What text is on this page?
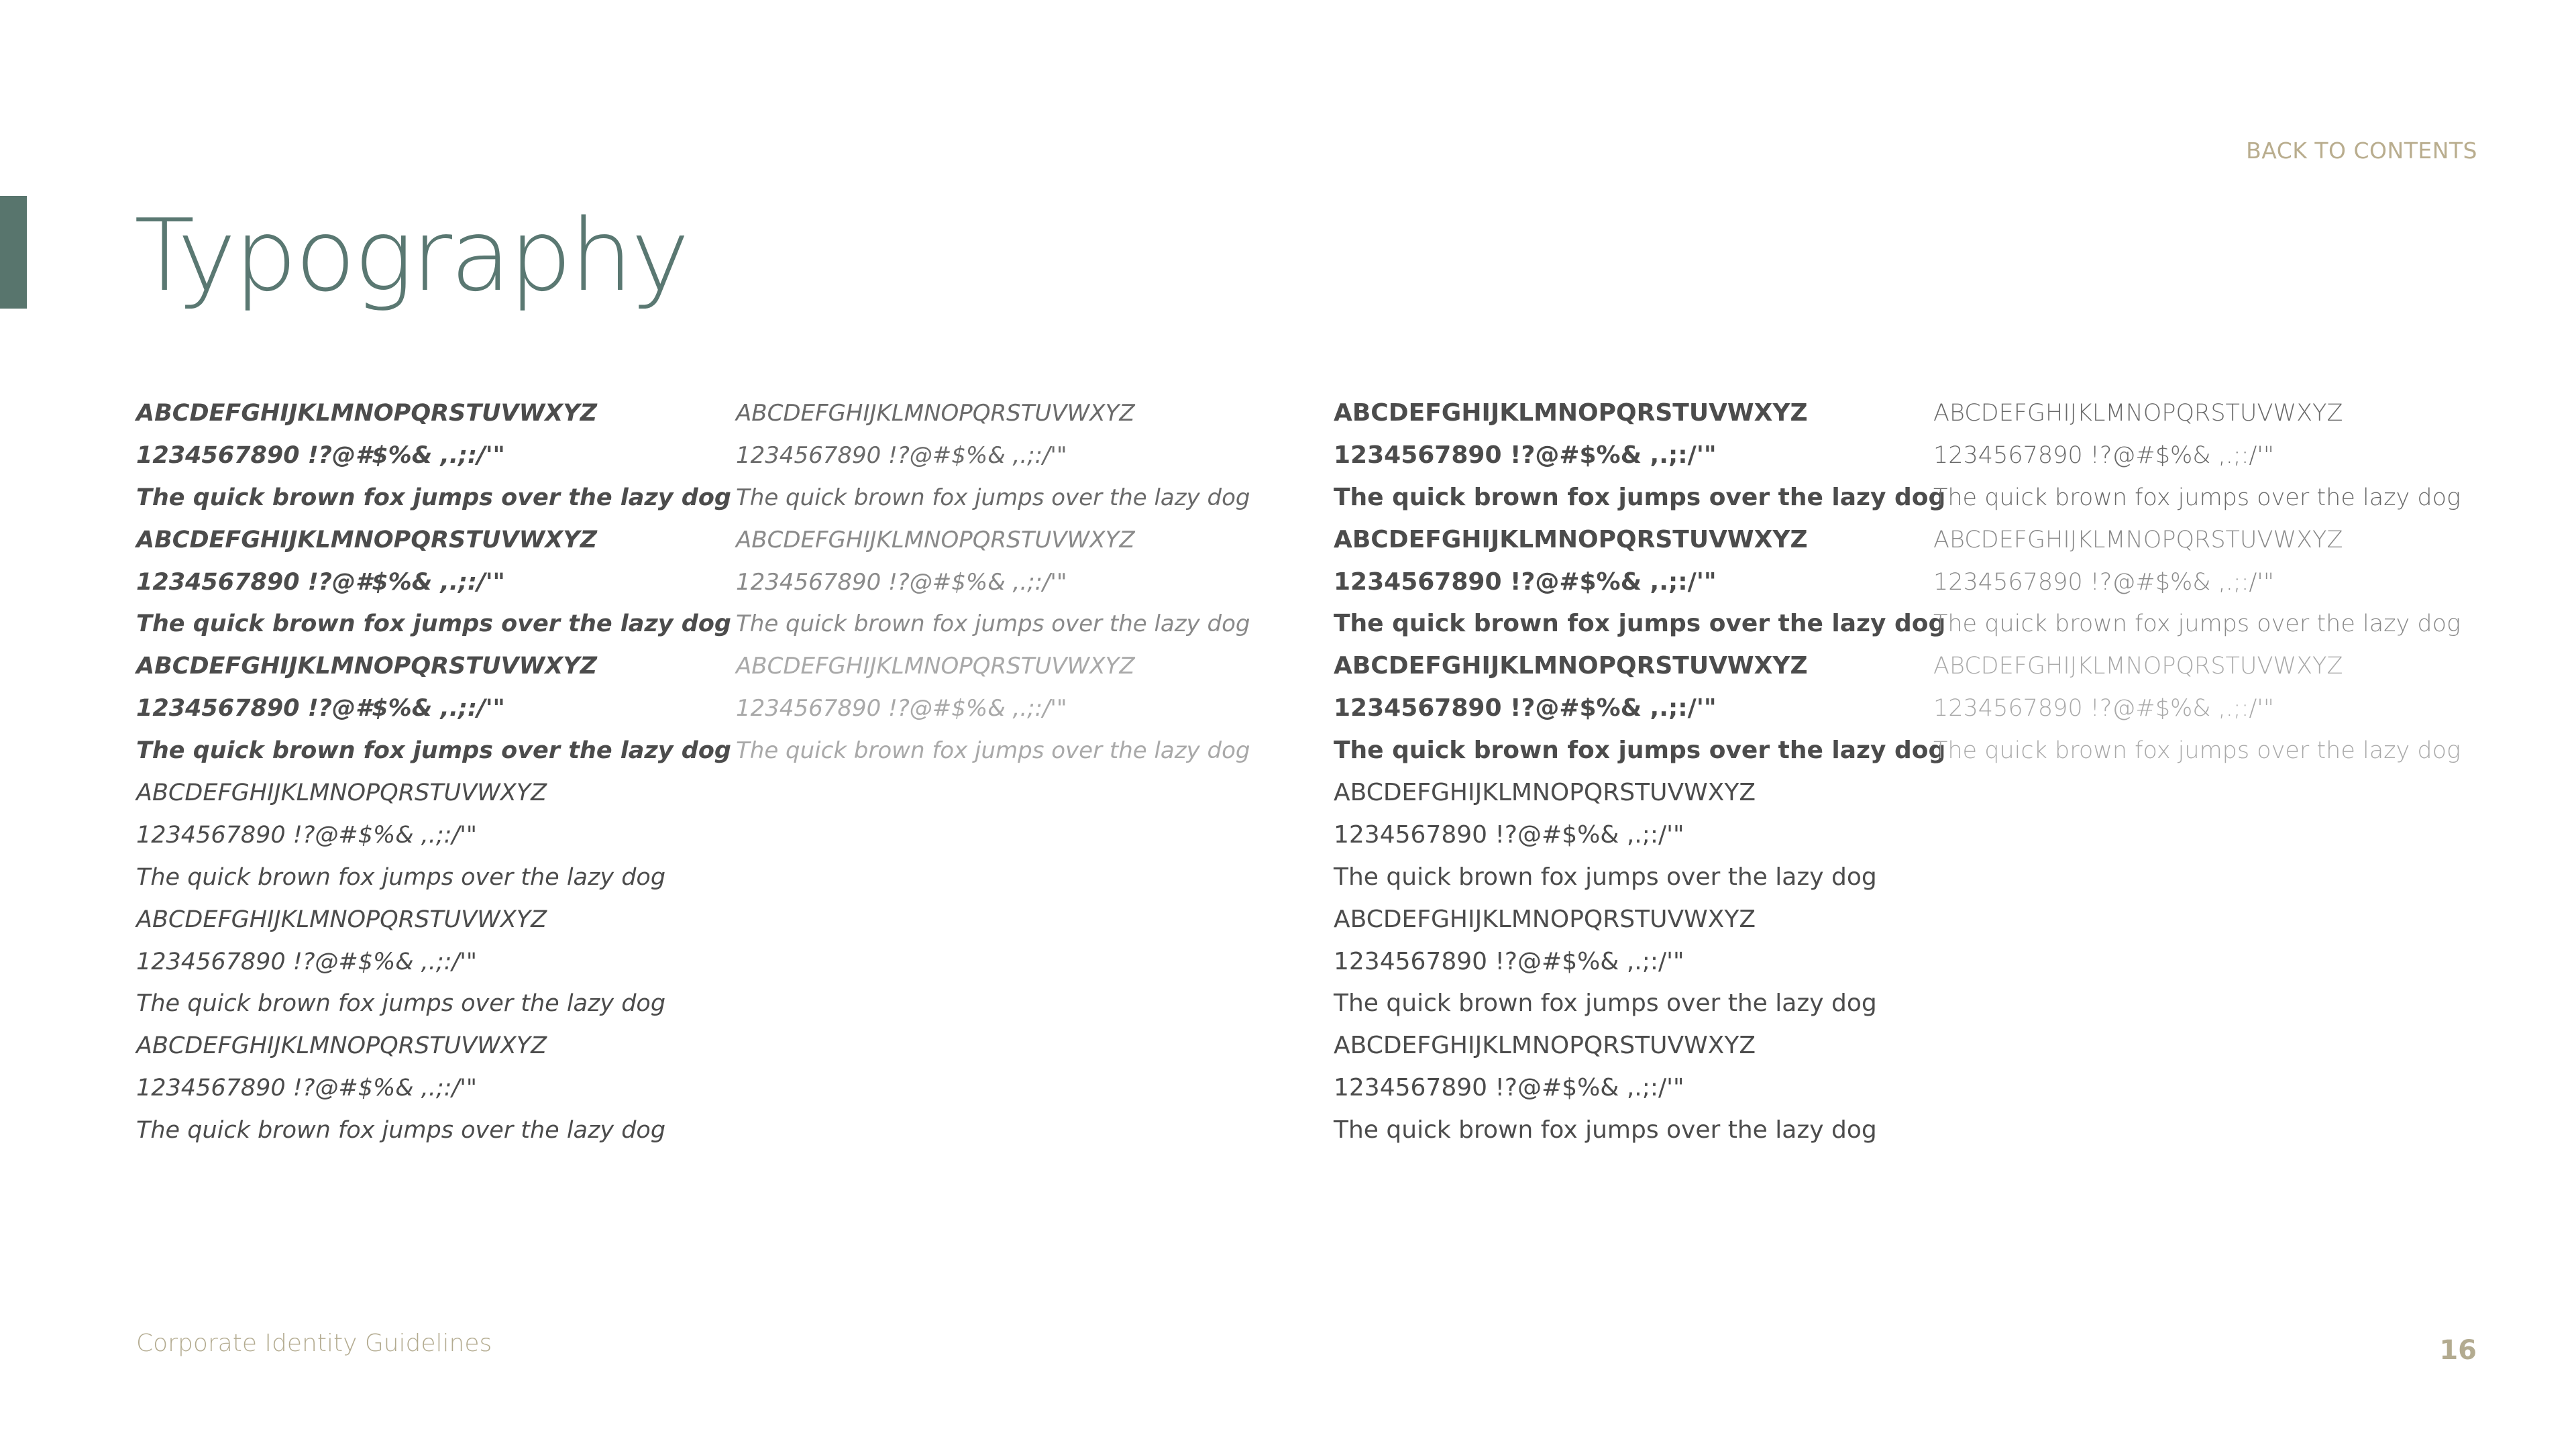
BACK TO CONTENTS
Typography
ABCDEFGHIJKLMNOPQRSTUVWXYZ
1234567890 !?@#$%& ,.;:/'"
The quick brown fox jumps over the lazy dog
ABCDEFGHIJKLMNOPQRSTUVWXYZ
1234567890 !?@#$%& ,.;:/'"
The quick brown fox jumps over the lazy dog
ABCDEFGHIJKLMNOPQRSTUVWXYZ
1234567890 !?@#$%& ,.;:/'"
The quick brown fox jumps over the lazy dog
ABCDEFGHIJKLMNOPQRSTUVWXYZ
1234567890 !?@#$%& ,.;:/'"
The quick brown fox jumps over the lazy dog
ABCDEFGHIJKLMNOPQRSTUVWXYZ
1234567890 !?@#$%& ,.;:/'"
The quick brown fox jumps over the lazy dog
ABCDEFGHIJKLMNOPQRSTUVWXYZ
1234567890 !?@#$%& ,.;:/'"
The quick brown fox jumps over the lazy dog
ABCDEFGHIJKLMNOPQRSTUVWXYZ
1234567890 !?@#$%& ,.;:/'"
The quick brown fox jumps over the lazy dog
ABCDEFGHIJKLMNOPQRSTUVWXYZ
1234567890 !?@#$%& ,.;:/'"
The quick brown fox jumps over the lazy dog
ABCDEFGHIJKLMNOPQRSTUVWXYZ
1234567890 !?@#$%& ,.;:/'"
The quick brown fox jumps over the lazy dog
ABCDEFGHIJKLMNOPQRSTUVWXYZ
1234567890 !?@#$%& ,.;:/'"
The quick brown fox jumps over the lazy dog
ABCDEFGHIJKLMNOPQRSTUVWXYZ
1234567890 !?@#$%& ,.;:/'"
The quick brown fox jumps over the lazy dog
ABCDEFGHIJKLMNOPQRSTUVWXYZ
1234567890 !?@#$%& ,.;:/'"
The quick brown fox jumps over the lazy dog
ABCDEFGHIJKLMNOPQRSTUVWXYZ
1234567890 !?@#$%& ,.;:/'"
The quick brown fox jumps over the lazy dog
ABCDEFGHIJKLMNOPQRSTUVWXYZ
1234567890 !?@#$%& ,.;:/'"
The quick brown fox jumps over the lazy dog
ABCDEFGHIJKLMNOPQRSTUVWXYZ
1234567890 !?@#$%& ,.;:/'"
The quick brown fox jumps over the lazy dog
ABCDEFGHIJKLMNOPQRSTUVWXYZ
1234567890 !?@#$%& ,.;:/'"
The quick brown fox jumps over the lazy dog
ABCDEFGHIJKLMNOPQRSTUVWXYZ
1234567890 !?@#$%& ,.;:/'"
The quick brown fox jumps over the lazy dog
ABCDEFGHIJKLMNOPQRSTUVWXYZ
1234567890 !?@#$%& ,.;:/'"
The quick brown fox jumps over the lazy dog
Corporate Identity Guidelines	16
